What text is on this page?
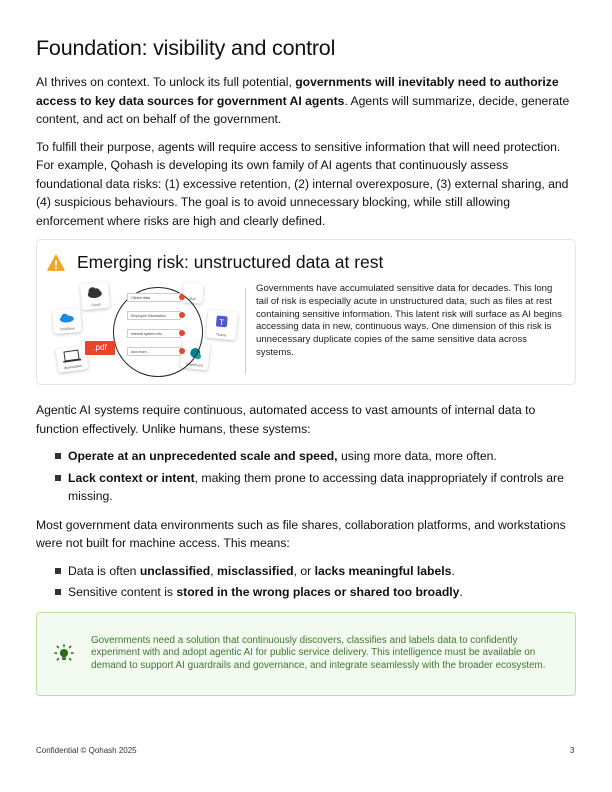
Foundation: visibility and control

AI thrives on context. To unlock its full potential, governments will inevitably need to authorize access to key data sources for government AI agents. Agents will summarize, decide, generate content, and act on behalf of the government.

To fulfill their purpose, agents will require access to sensitive information that will need protection. For example, Qohash is developing its own family of AI agents that continuously assess foundational data risks: (1) excessive retention, (2) internal overexposure, (3) external sharing, and (4) suspicious behaviours. The goal is to avoid unnecessary blocking, while still allowing enforcement where risks are high and clearly defined.

Emerging risk: unstructured data at rest
Cloud
OneDrive
T
Teams
Workstation	SharePoint
Mail
Citizen data
Employee information
Internal system info
And more...
.pdf
Governments have accumulated sensitive data for decades. This long tail of risk is especially acute in unstructured data, such as files at rest containing sensitive information. This latent risk will surface as AI begins accessing data in new, continuous ways. One dimension of this risk is unnecessary duplicate copies of the same sensitive data across systems.

Agentic AI systems require continuous, automated access to vast amounts of internal data to function effectively. Unlike humans, these systems:

Operate at an unprecedented scale and speed, using more data, more often.
Lack context or intent, making them prone to accessing data inappropriately if controls are missing.

Most government data environments such as file shares, collaboration platforms, and workstations were not built for machine access. This means:

Data is often unclassified, misclassified, or lacks meaningful labels.
Sensitive content is stored in the wrong places or shared too broadly.
Governments need a solution that continuously discovers, classifies and labels data to confidently experiment with and adopt agentic AI for public service delivery. This intelligence must be available on demand to support AI guardrails and governance, and integrate seamlessly with the broader ecosystem.
Confidential © Qohash 2025	3
